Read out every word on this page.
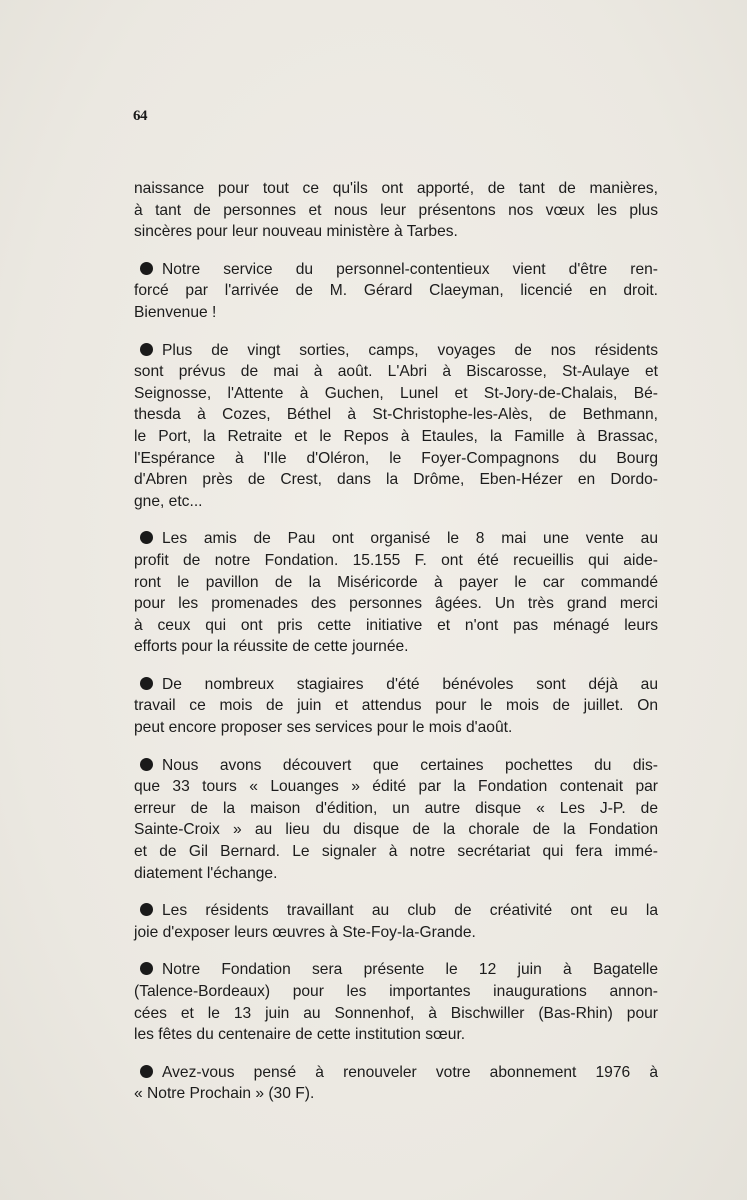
64

naissance pour tout ce qu'ils ont apporté, de tant de manières,
à tant de personnes et nous leur présentons nos vœux les plus
sincères pour leur nouveau ministère à Tarbes.

Notre service du personnel-contentieux vient d'être ren-
forcé par l'arrivée de M. Gérard Claeyman, licencié en droit.
Bienvenue !

Plus de vingt sorties, camps, voyages de nos résidents
sont prévus de mai à août. L'Abri à Biscarosse, St-Aulaye et
Seignosse, l'Attente à Guchen, Lunel et St-Jory-de-Chalais, Bé-
thesda à Cozes, Béthel à St-Christophe-les-Alès, de Bethmann,
le Port, la Retraite et le Repos à Etaules, la Famille à Brassac,
l'Espérance à l'Ile d'Oléron, le Foyer-Compagnons du Bourg
d'Abren près de Crest, dans la Drôme, Eben-Hézer en Dordo-
gne, etc...

Les amis de Pau ont organisé le 8 mai une vente au
profit de notre Fondation. 15.155 F. ont été recueillis qui aide-
ront le pavillon de la Miséricorde à payer le car commandé
pour les promenades des personnes âgées. Un très grand merci
à ceux qui ont pris cette initiative et n'ont pas ménagé leurs
efforts pour la réussite de cette journée.

De nombreux stagiaires d'été bénévoles sont déjà au
travail ce mois de juin et attendus pour le mois de juillet. On
peut encore proposer ses services pour le mois d'août.

Nous avons découvert que certaines pochettes du dis-
que 33 tours « Louanges » édité par la Fondation contenait par
erreur de la maison d'édition, un autre disque « Les J-P. de
Sainte-Croix » au lieu du disque de la chorale de la Fondation
et de Gil Bernard. Le signaler à notre secrétariat qui fera immé-
diatement l'échange.

Les résidents travaillant au club de créativité ont eu la
joie d'exposer leurs œuvres à Ste-Foy-la-Grande.

Notre Fondation sera présente le 12 juin à Bagatelle
(Talence-Bordeaux) pour les importantes inaugurations annon-
cées et le 13 juin au Sonnenhof, à Bischwiller (Bas-Rhin) pour
les fêtes du centenaire de cette institution sœur.

Avez-vous pensé à renouveler votre abonnement 1976 à
« Notre Prochain » (30 F).
